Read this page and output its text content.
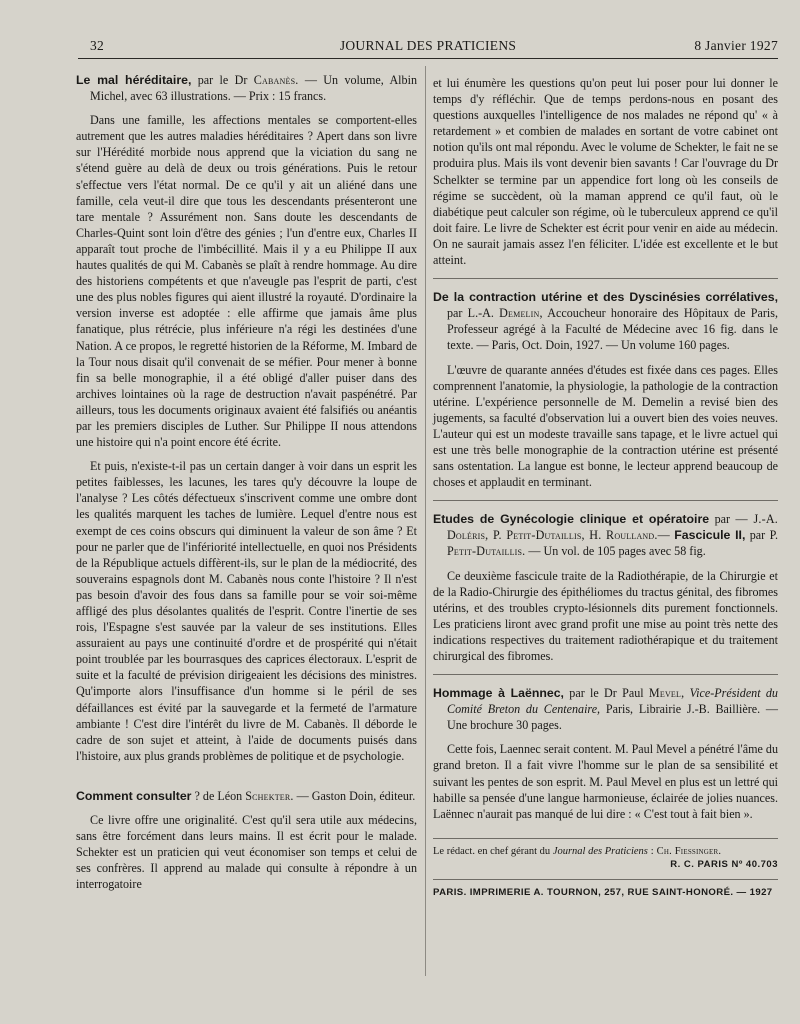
32	JOURNAL DES PRATICIENS	8 Janvier 1927

Le mal héréditaire, par le Dr Cabanès. — Un volume, Albin Michel, avec 63 illustrations. — Prix : 15 francs.

Dans une famille, les affections mentales se comportent-elles autrement que les autres maladies héréditaires ? Apert dans son livre sur l'Hérédité morbide nous apprend que la viciation du sang ne s'étend guère au delà de deux ou trois générations. Puis le retour s'effectue vers l'état normal. De ce qu'il y ait un aliéné dans une famille, cela veut-il dire que tous les descendants présenteront une tare mentale ? Assurément non. Sans doute les descendants de Charles-Quint sont loin d'être des génies ; l'un d'entre eux, Charles II apparaît tout proche de l'imbécillité. Mais il y a eu Philippe II aux hautes qualités de qui M. Cabanès se plaît à rendre hommage. Au dire des historiens compétents et que n'aveugle pas l'esprit de parti, c'est une des plus nobles figures qui aient illustré la royauté. D'ordinaire la version inverse est adoptée : elle affirme que jamais âme plus fanatique, plus rétrécie, plus inférieure n'a régi les destinées d'une Nation. A ce propos, le regretté historien de la Réforme, M. Imbard de la Tour nous disait qu'il convenait de se méfier. Pour mener à bonne fin sa belle monographie, il a été obligé d'aller puiser dans des archives lointaines où la rage de destruction n'avait paspénétré. Par ailleurs, tous les documents originaux avaient été falsifiés ou anéantis par les premiers disciples de Luther. Sur Philippe II nous attendons une histoire qui n'a point encore été écrite.

Et puis, n'existe-t-il pas un certain danger à voir dans un esprit les petites faiblesses, les lacunes, les tares qu'y découvre la loupe de l'analyse ? Les côtés défectueux s'inscrivent comme une ombre dont les qualités marquent les taches de lumière. Lequel d'entre nous est exempt de ces coins obscurs qui diminuent la valeur de son âme ? Et pour ne parler que de l'infériorité intellectuelle, en quoi nos Présidents de la République actuels diffèrent-ils, sur le plan de la médiocrité, des souverains espagnols dont M. Cabanès nous conte l'histoire ? Il n'est pas besoin d'avoir des fous dans sa famille pour se voir soi-même affligé des plus désolantes qualités de l'esprit. Contre l'inertie de ses rois, l'Espagne s'est sauvée par la valeur de ses institutions. Elles assuraient au pays une continuité d'ordre et de prospérité qui n'était point troublée par les bourrasques des caprices électoraux. L'esprit de suite et la faculté de prévision dirigeaient les décisions des ministres. Qu'importe alors l'insuffisance d'un homme si le péril de ses défaillances est évité par la sauvegarde et la fermeté de l'armature ambiante ! C'est dire l'intérêt du livre de M. Cabanès. Il déborde le cadre de son sujet et atteint, à l'aide de documents puisés dans l'histoire, aux plus grands problèmes de politique et de psychologie.

Comment consulter ? de Léon Schekter. — Gaston Doin, éditeur.

Ce livre offre une originalité. C'est qu'il sera utile aux médecins, sans être forcément dans leurs mains. Il est écrit pour le malade. Schekter est un praticien qui veut économiser son temps et celui de ses confrères. Il apprend au malade qui consulte à répondre à un interrogatoire

et lui énumère les questions qu'on peut lui poser pour lui donner le temps d'y réfléchir. Que de temps perdons-nous en posant des questions auxquelles l'intelligence de nos malades ne répond qu' « à retardement » et combien de malades en sortant de votre cabinet ont notion qu'ils ont mal répondu. Avec le volume de Schekter, le fait ne se produira plus. Mais ils vont devenir bien savants ! Car l'ouvrage du Dr Schelkter se termine par un appendice fort long où les conseils de régime se succèdent, où la maman apprend ce qu'il faut, où le diabétique peut calculer son régime, où le tuberculeux apprend ce qu'il doit faire. Le livre de Schekter est écrit pour venir en aide au médecin. On ne saurait jamais assez l'en féliciter. L'idée est excellente et le but atteint.

De la contraction utérine et des Dyscinésies corrélatives, par L.-A. Demelin, Accoucheur honoraire des Hôpitaux de Paris, Professeur agrégé à la Faculté de Médecine avec 16 fig. dans le texte. — Paris, Oct. Doin, 1927. — Un volume 160 pages.

L'œuvre de quarante années d'études est fixée dans ces pages. Elles comprennent l'anatomie, la physiologie, la pathologie de la contraction utérine. L'expérience personnelle de M. Demelin a revisé bien des jugements, sa faculté d'observation lui a ouvert bien des voies neuves. L'auteur qui est un modeste travaille sans tapage, et le livre actuel qui est une très belle monographie de la contraction utérine est présenté sans ostentation. La langue est bonne, le lecteur apprend beaucoup de choses et applaudit en terminant.

Etudes de Gynécologie clinique et opératoire par — J.-A. Doléris, P. Petit-Dutaillis, H. Roulland.— Fascicule II, par P. Petit-Dutaillis. — Un vol. de 105 pages avec 58 fig.

Ce deuxième fascicule traite de la Radiothérapie, de la Chirurgie et de la Radio-Chirurgie des épithéliomes du tractus génital, des fibromes utérins, et des troubles crypto-lésionnels dits purement fonctionnels. Les praticiens liront avec grand profit une mise au point très nette des indications respectives du traitement radiothérapique et du traitement chirurgical des fibromes.

Hommage à Laënnec, par le Dr Paul Mevel, Vice-Président du Comité Breton du Centenaire, Paris, Librairie J.-B. Baillière. — Une brochure 30 pages.

Cette fois, Laennec serait content. M. Paul Mevel a pénétré l'âme du grand breton. Il a fait vivre l'homme sur le plan de sa sensibilité et suivant les pentes de son esprit. M. Paul Mevel en plus est un lettré qui habille sa pensée d'une langue harmonieuse, éclairée de jolies nuances. Laënnec n'aurait pas manqué de lui dire : « C'est tout à fait bien ».

Le rédact. en chef gérant du Journal des Praticiens : Ch. Fiessinger.
R. C. PARIS Nº 40.703
PARIS. IMPRIMERIE A. TOURNON, 257, RUE SAINT-HONORÉ. — 1927
